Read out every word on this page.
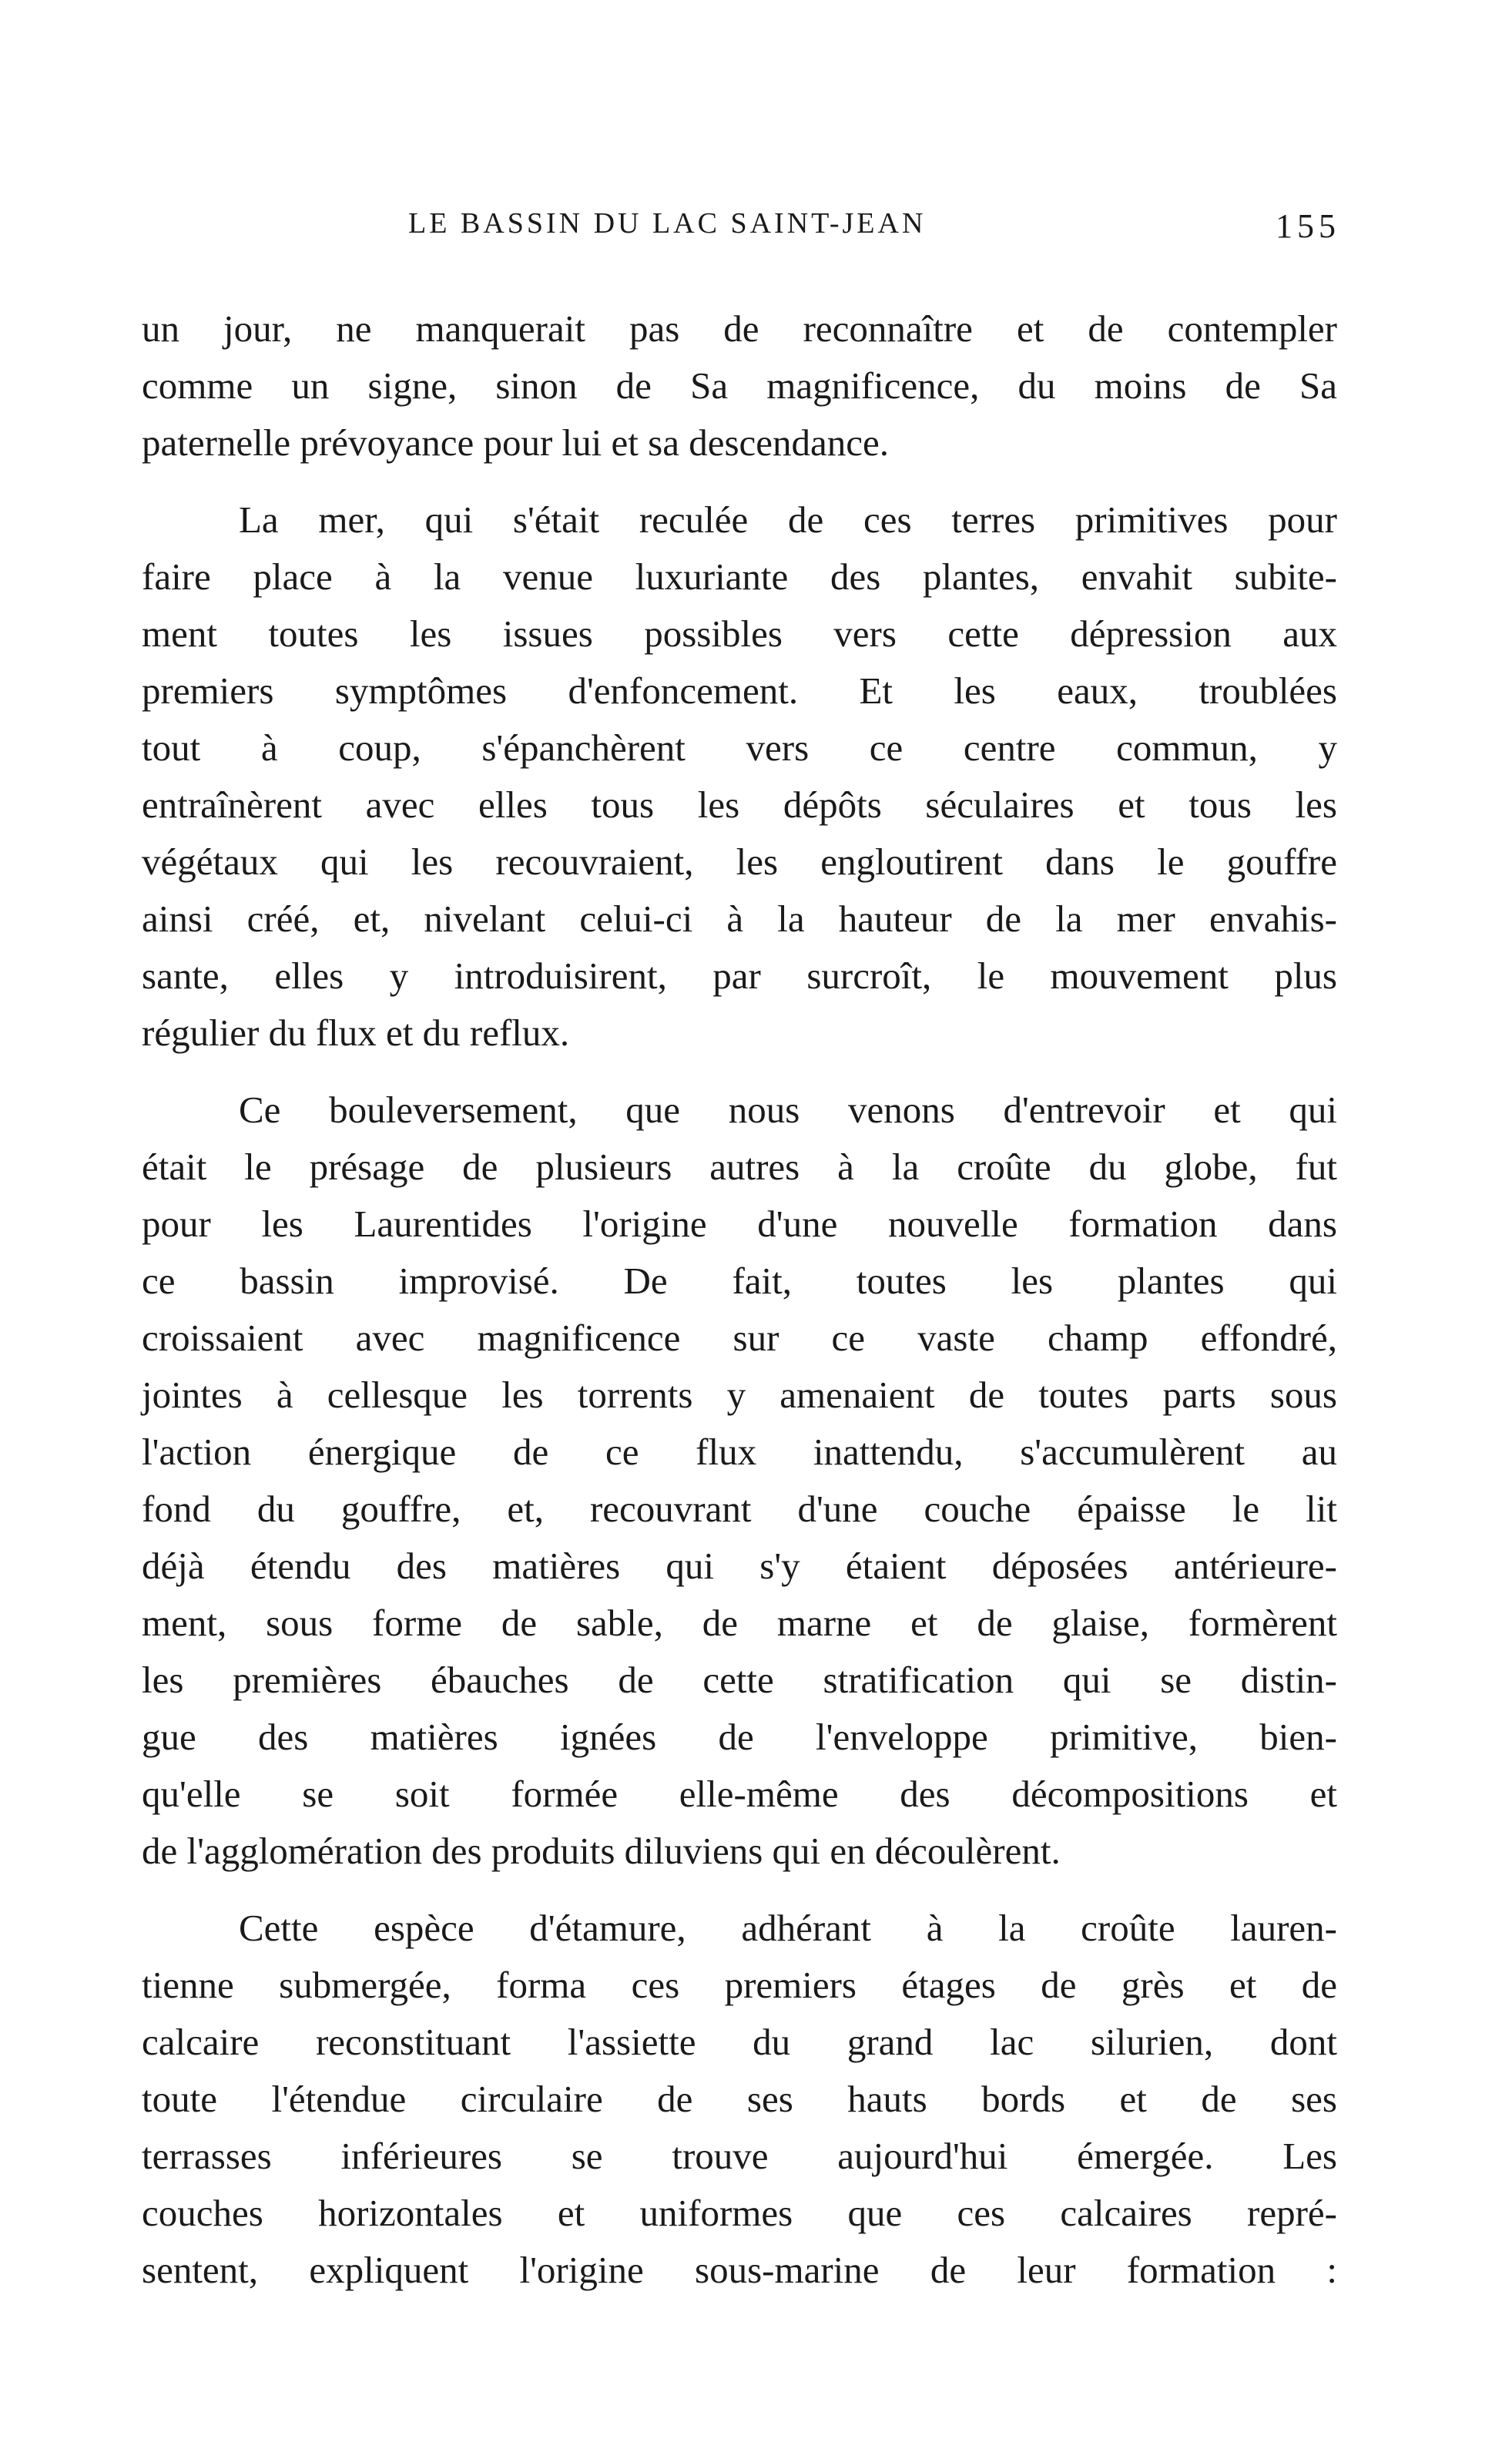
LE BASSIN DU LAC SAINT-JEAN	155
un jour, ne manquerait pas de reconnaître et de contempler
comme un signe, sinon de Sa magnificence, du moins de Sa
paternelle prévoyance pour lui et sa descendance.
La mer, qui s'était reculée de ces terres primitives pour
faire place à la venue luxuriante des plantes, envahit subite-
ment toutes les issues possibles vers cette dépression aux
premiers symptômes d'enfoncement. Et les eaux, troublées
tout à coup, s'épanchèrent vers ce centre commun, y
entraînèrent avec elles tous les dépôts séculaires et tous les
végétaux qui les recouvraient, les engloutirent dans le gouffre
ainsi créé, et, nivelant celui-ci à la hauteur de la mer envahis-
sante, elles y introduisirent, par surcroît, le mouvement plus
régulier du flux et du reflux.
Ce bouleversement, que nous venons d'entrevoir et qui
était le présage de plusieurs autres à la croûte du globe, fut
pour les Laurentides l'origine d'une nouvelle formation dans
ce bassin improvisé. De fait, toutes les plantes qui
croissaient avec magnificence sur ce vaste champ effondré,
jointes à cellesque les torrents y amenaient de toutes parts sous
l'action énergique de ce flux inattendu, s'accumulèrent au
fond du gouffre, et, recouvrant d'une couche épaisse le lit
déjà étendu des matières qui s'y étaient déposées antérieure-
ment, sous forme de sable, de marne et de glaise, formèrent
les premières ébauches de cette stratification qui se distin-
gue des matières ignées de l'enveloppe primitive, bien-
qu'elle se soit formée elle-même des décompositions et
de l'agglomération des produits diluviens qui en découlèrent.
Cette espèce d'étamure, adhérant à la croûte lauren-
tienne submergée, forma ces premiers étages de grès et de
calcaire reconstituant l'assiette du grand lac silurien, dont
toute l'étendue circulaire de ses hauts bords et de ses
terrasses inférieures se trouve aujourd'hui émergée. Les
couches horizontales et uniformes que ces calcaires repré-
sentent, expliquent l'origine sous-marine de leur formation :
